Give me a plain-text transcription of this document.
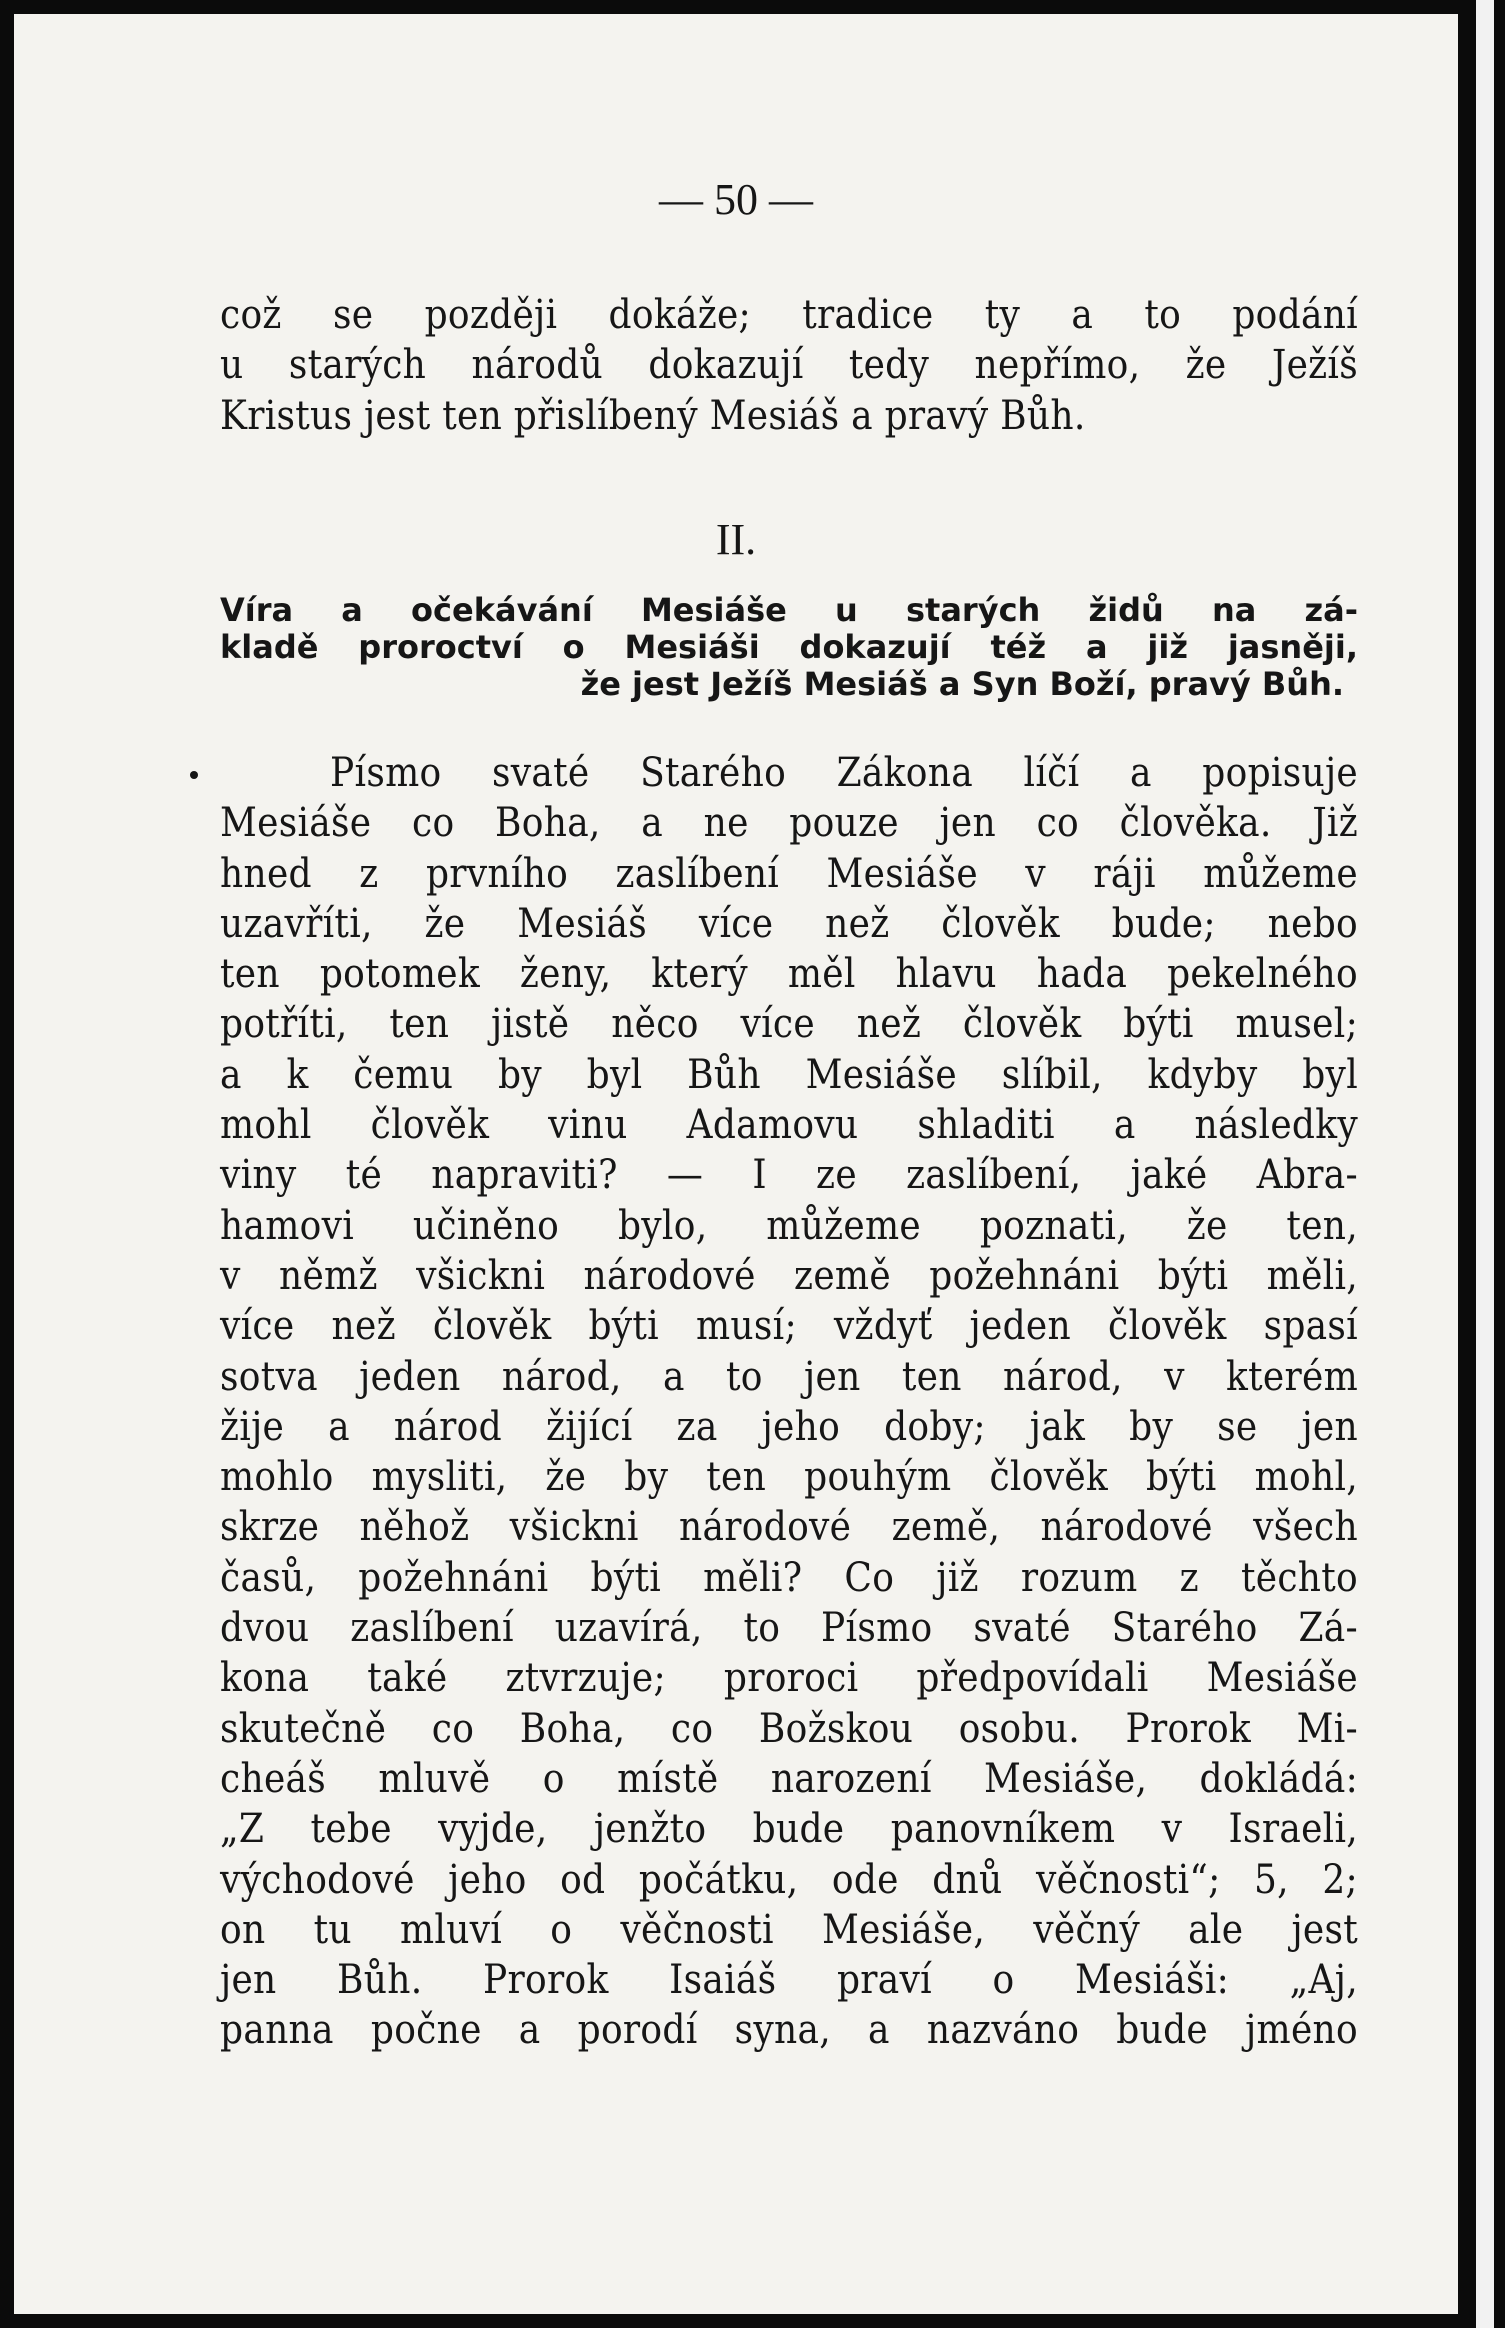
— 50 —
což se později dokáže; tradice ty a to podání
u starých národů dokazují tedy nepřímo, že Ježíš
Kristus jest ten přislíbený Mesiáš a pravý Bůh.
II.
Víra a očekávání Mesiáše u starých židů na zá-
kladě proroctví o Mesiáši dokazují též a již jasněji,
že jest Ježíš Mesiáš a Syn Boží, pravý Bůh.
Písmo svaté Starého Zákona líčí a popisuje
Mesiáše co Boha, a ne pouze jen co člověka. Již
hned z prvního zaslíbení Mesiáše v ráji můžeme
uzavříti, že Mesiáš více než člověk bude; nebo
ten potomek ženy, který měl hlavu hada pekelného
potříti, ten jistě něco více než člověk býti musel;
a k čemu by byl Bůh Mesiáše slíbil, kdyby byl
mohl člověk vinu Adamovu shladiti a následky
viny té napraviti? — I ze zaslíbení, jaké Abra-
hamovi učiněno bylo, můžeme poznati, že ten,
v němž všickni národové země požehnáni býti měli,
více než člověk býti musí; vždyť jeden člověk spasí
sotva jeden národ, a to jen ten národ, v kterém
žije a národ žijící za jeho doby; jak by se jen
mohlo mysliti, že by ten pouhým člověk býti mohl,
skrze něhož všickni národové země, národové všech
časů, požehnáni býti měli? Co již rozum z těchto
dvou zaslíbení uzavírá, to Písmo svaté Starého Zá-
kona také ztvrzuje; proroci předpovídali Mesiáše
skutečně co Boha, co Božskou osobu. Prorok Mi-
cheáš mluvě o místě narození Mesiáše, dokládá:
„Z tebe vyjde, jenžto bude panovníkem v Israeli,
východové jeho od počátku, ode dnů věčnosti“; 5, 2;
on tu mluví o věčnosti Mesiáše, věčný ale jest
jen Bůh. Prorok Isaiáš praví o Mesiáši: „Aj,
panna počne a porodí syna, a nazváno bude jméno
